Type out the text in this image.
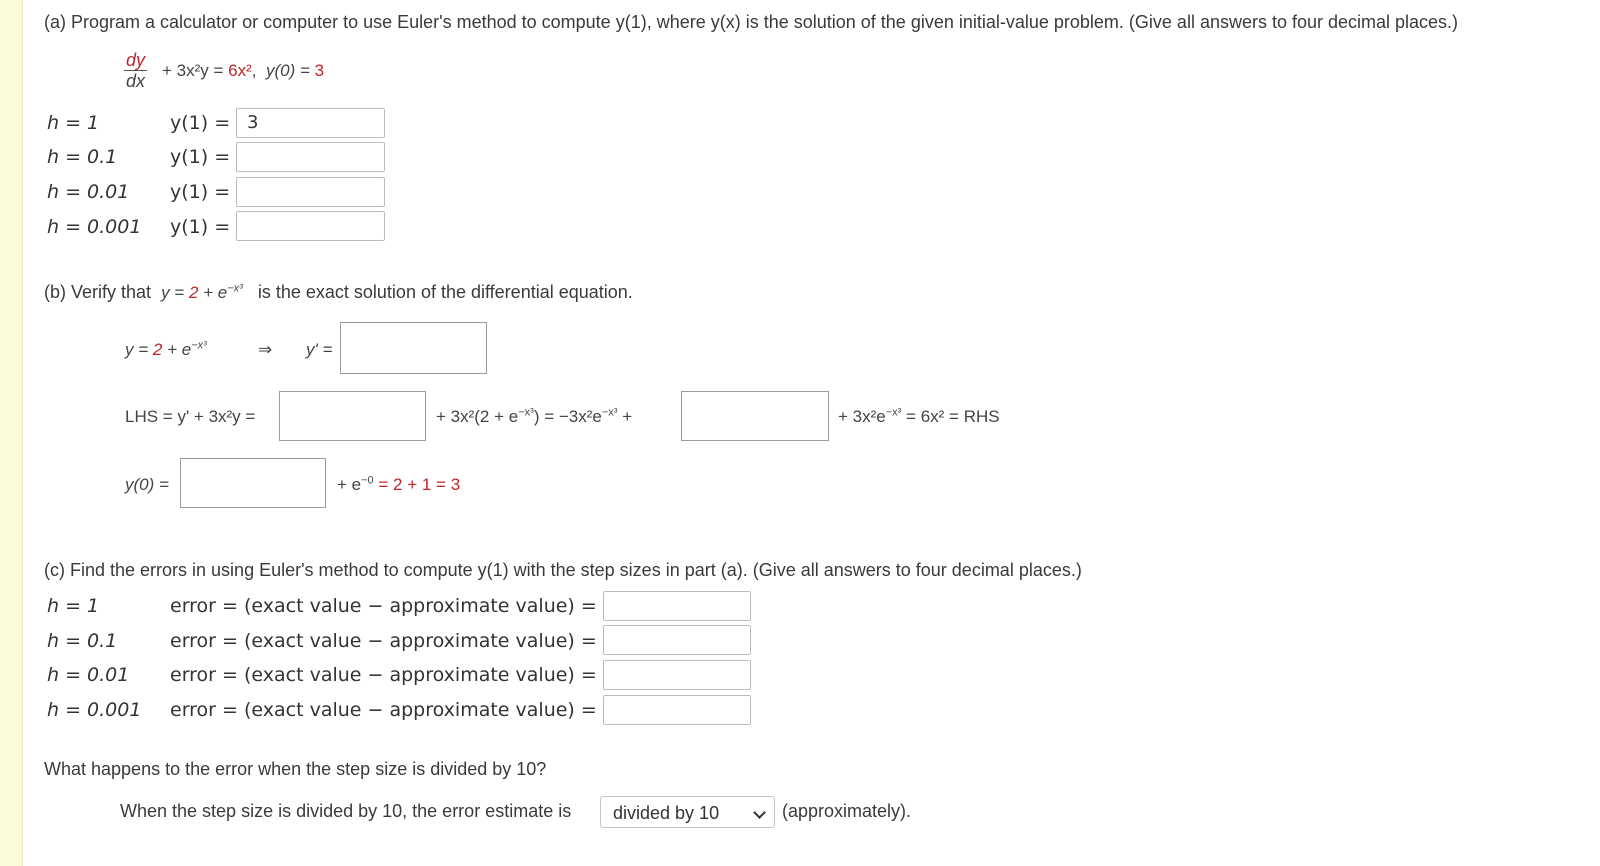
(a) Program a calculator or computer to use Euler's method to compute y(1), where y(x) is the solution of the given initial-value problem. (Give all answers to four decimal places.)
$\frac{dy}{dx} + 3x^2y = 6x^2$, y(0) = 3
h = 1	y(1) = 3
h = 0.1	y(1) =
h = 0.01 y(1) =
h = 0.001 y(1) =
(b) Verify that $y = 2 + e^{-x^3}$ is the exact solution of the differential equation.
$y = 2 + e^{-x^3}$	⇒ y' =
LHS = y' + 3x²y =	+ $3x^2(2 + e^{-x^3}) = -3x^2e^{-x^3}$ +	+ $3x^2e^{-x^3} = 6x^2$ = RHS
y(0) =	+ $e^{-0} = 2 + 1 = 3$
(c) Find the errors in using Euler's method to compute y(1) with the step sizes in part (a). (Give all answers to four decimal places.)
h = 1	error = (exact value − approximate value) =
h = 0.1	error = (exact value − approximate value) =
h = 0.01 error = (exact value − approximate value) =
h = 0.001 error = (exact value − approximate value) =
What happens to the error when the step size is divided by 10?
When the step size is divided by 10, the error estimate is divided by 10	(approximately).
